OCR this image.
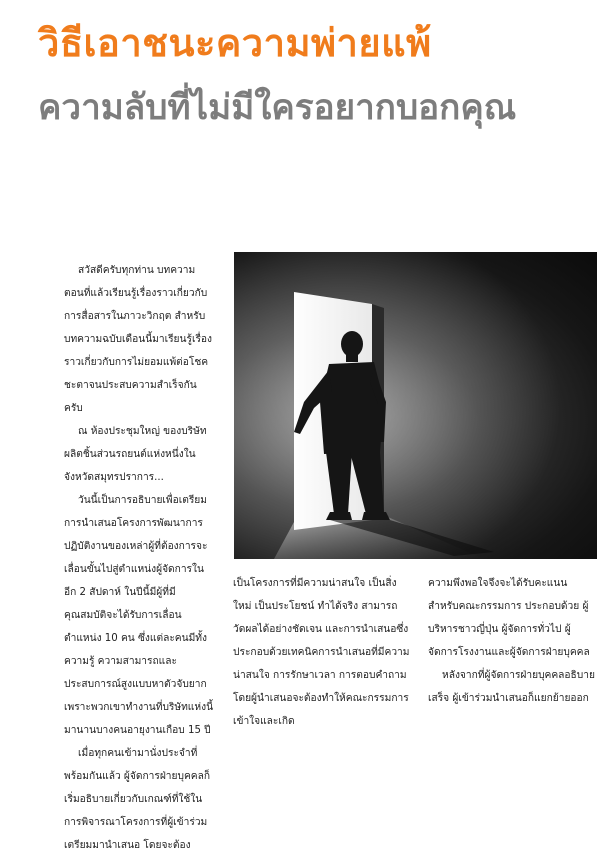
วิธีเอาชนะความพ่ายแพ้
ความลับที่ไม่มีใครอยากบอกคุณ

สวัสดีครับทุกท่าน บทความตอนที่แล้วเรียนรู้เรื่องราวเกี่ยวกับการสื่อสารในภาวะวิกฤต สำหรับบทความฉบับเดือนนี้มาเรียนรู้เรื่องราวเกี่ยวกับการไม่ยอมแพ้ต่อโชคชะตาจนประสบความสำเร็จกันครับ

ณ ห้องประชุมใหญ่ ของบริษัทผลิตชิ้นส่วนรถยนต์แห่งหนึ่งในจังหวัดสมุทรปราการ...

วันนี้เป็นการอธิบายเพื่อเตรียมการนำเสนอโครงการพัฒนาการปฏิบัติงานของเหล่าผู้ที่ต้องการจะเลื่อนขั้นไปสู่ตำแหน่งผู้จัดการในอีก 2 สัปดาห์ ในปีนี้มีผู้ที่มีคุณสมบัติจะได้รับการเลื่อนตำแหน่ง 10 คน ซึ่งแต่ละคนมีทั้งความรู้ ความสามารถและประสบการณ์สูงแบบหาตัวจับยากเพราะพวกเขาทำงานที่บริษัทแห่งนี้มานานบางคนอายุงานเกือบ 15 ปี

เมื่อทุกคนเข้ามานั่งประจำที่พร้อมกันแล้ว ผู้จัดการฝ่ายบุคคลก็เริ่มอธิบายเกี่ยวกับเกณฑ์ที่ใช้ในการพิจารณาโครงการที่ผู้เข้าร่วมเตรียมมานำเสนอ โดยจะต้อง

เป็นโครงการที่มีความน่าสนใจ เป็นสิ่งใหม่ เป็นประโยชน์ ทำได้จริง สามารถวัดผลได้อย่างชัดเจน และการนำเสนอซึ่งประกอบด้วยเทคนิคการนำเสนอที่มีความน่าสนใจ การรักษาเวลา การตอบคำถาม โดยผู้นำเสนอจะต้องทำให้คณะกรรมการเข้าใจและเกิด

ความพึงพอใจจึงจะได้รับคะแนน สำหรับคณะกรรมการ ประกอบด้วย ผู้บริหารชาวญี่ปุ่น ผู้จัดการทั่วไป ผู้จัดการโรงงานและผู้จัดการฝ่ายบุคคล

หลังจากที่ผู้จัดการฝ่ายบุคคลอธิบายเสร็จ ผู้เข้าร่วมนำเสนอก็แยกย้ายออก
